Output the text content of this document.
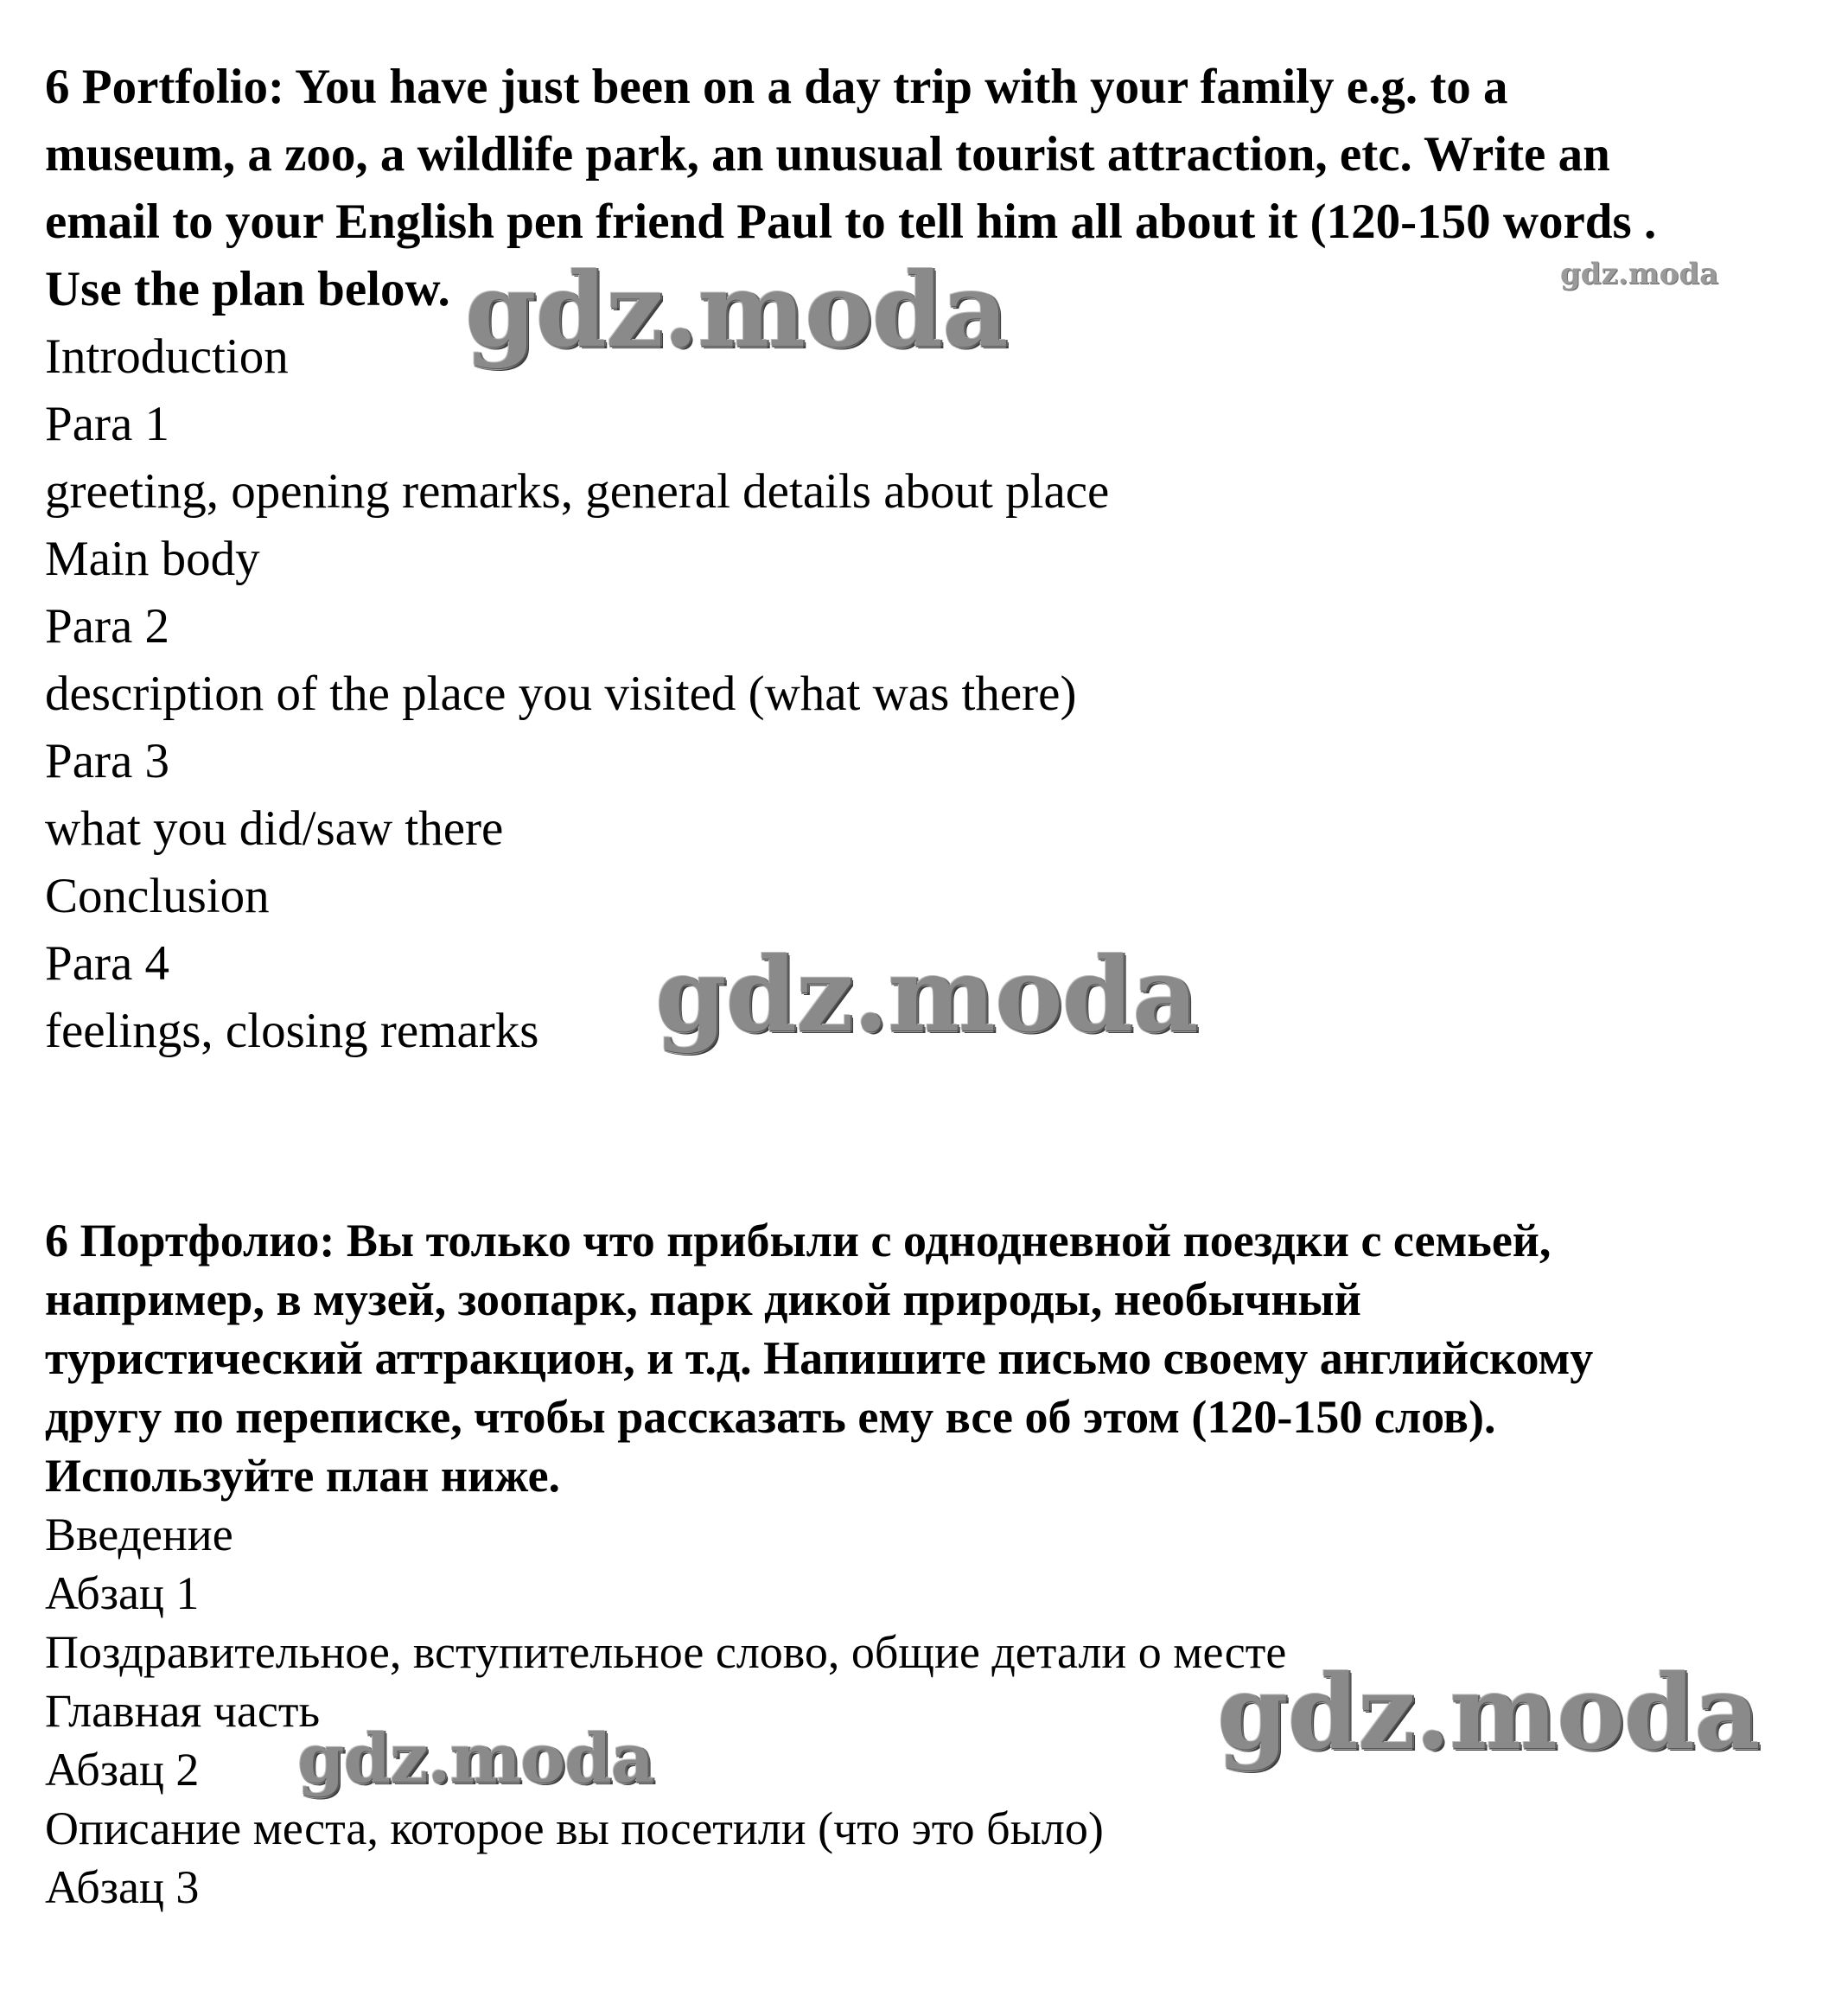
6 Portfolio: You have just been on a day trip with your family e.g. to a

museum, a zoo, a wildlife park, an unusual tourist attraction, etc. Write an

email to your English pen friend Paul to tell him all about it (120-150 words .

Use the plan below.

Introduction

Para 1

greeting, opening remarks, general details about place

Main body

Para 2

description of the place you visited (what was there)

Para 3

what you did/saw there

Conclusion

Para 4

feelings, closing remarks

6 Портфолио: Вы только что прибыли с однодневной поездки с семьей,

например, в музей, зоопарк, парк дикой природы, необычный

туристический аттракцион, и т.д. Напишите письмо своему английскому

другу по переписке, чтобы рассказать ему все об этом (120-150 слов).

Используйте план ниже.

Введение

Абзац 1

Поздравительное, вступительное слово, общие детали о месте

Главная часть

Абзац 2

Описание места, которое вы посетили (что это было)

Абзац 3

gdz.moda
gdz.moda
gdz.moda
gdz.moda
gdz.moda
